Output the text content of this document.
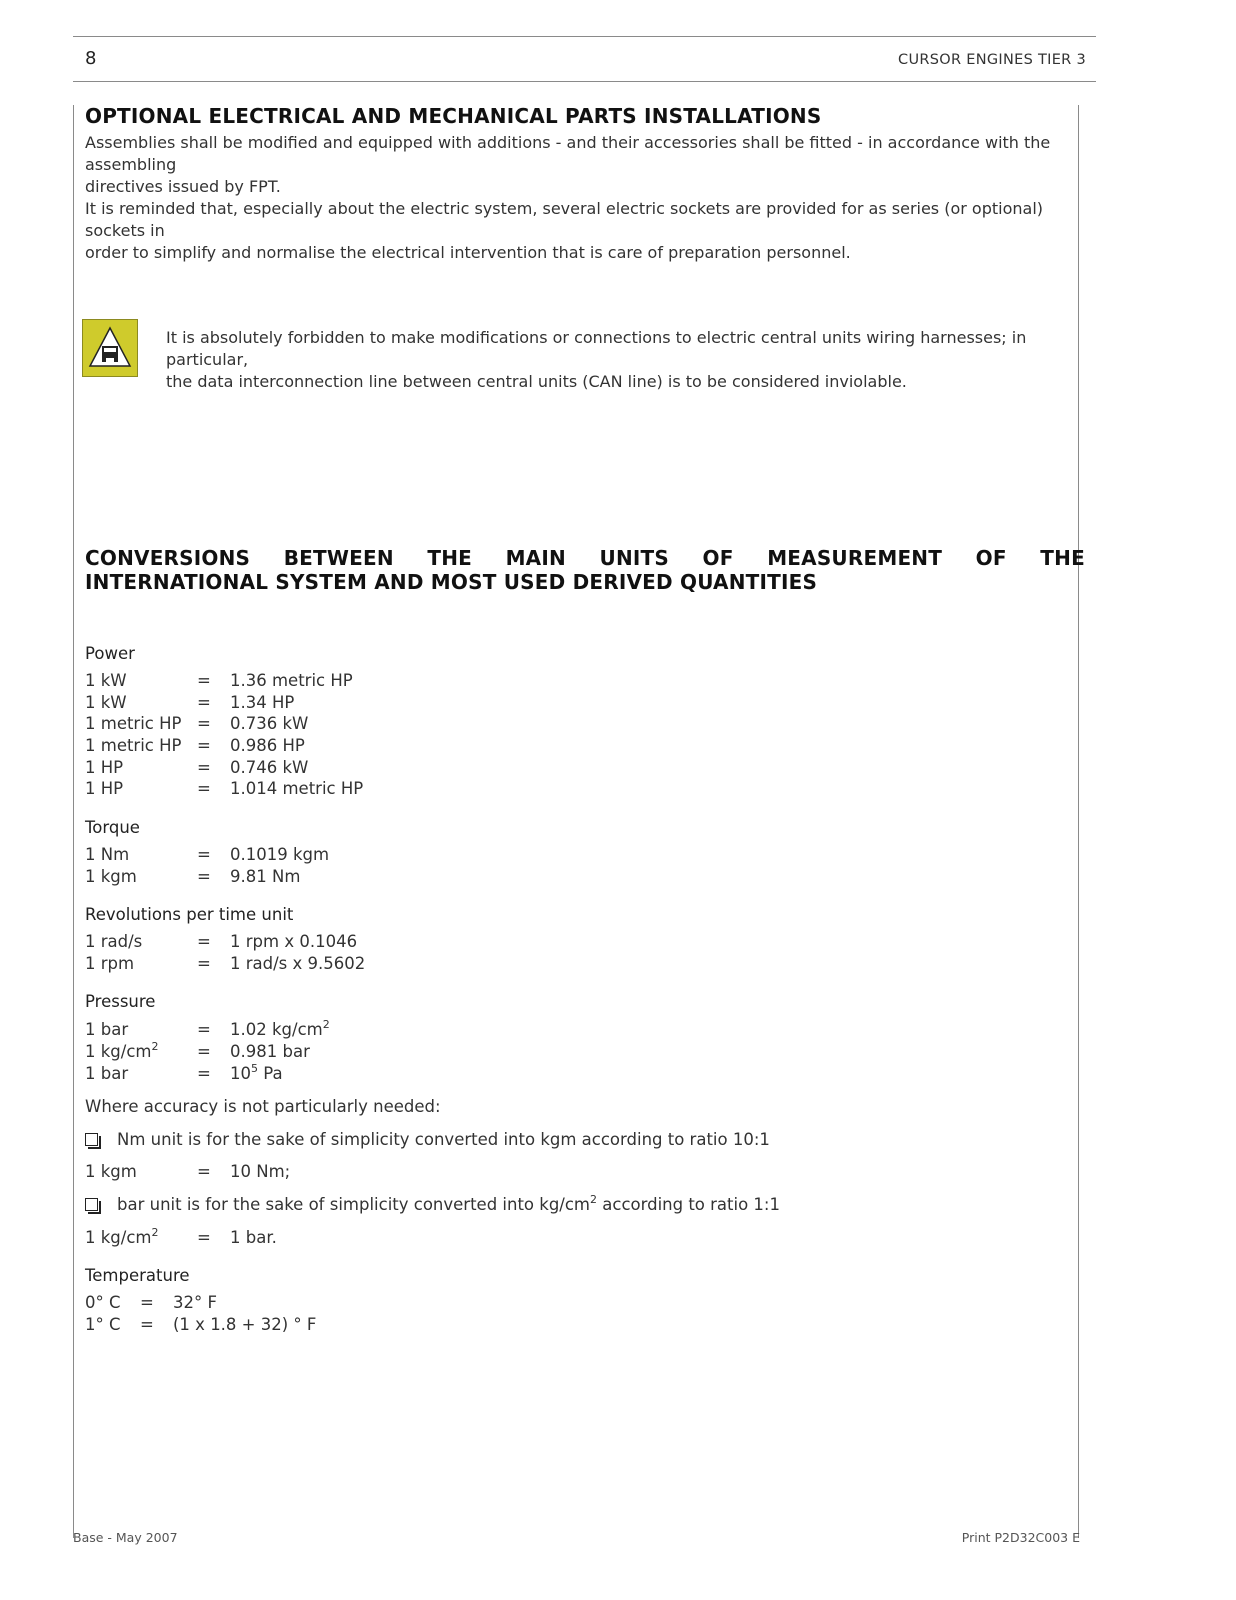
8	CURSOR ENGINES TIER 3
OPTIONAL ELECTRICAL AND MECHANICAL PARTS INSTALLATIONS

Assemblies shall be modified and equipped with additions - and their accessories shall be fitted - in accordance with the assembling

directives issued by FPT.

It is reminded that, especially about the electric system, several electric sockets are provided for as series (or optional) sockets in

order to simplify and normalise the electrical intervention that is care of preparation personnel.

It is absolutely forbidden to make modifications or connections to electric central units wiring harnesses; in particular,

the data interconnection line between central units (CAN line) is to be considered inviolable.

CONVERSIONS BETWEEN THE MAIN UNITS OF MEASUREMENT OF THE
INTERNATIONAL SYSTEM AND MOST USED DERIVED QUANTITIES
Power
1 kW	= 1.36 metric HP
1 kW	= 1.34 HP
1 metric HP = 0.736 kW
1 metric HP = 0.986 HP
1 HP	= 0.746 kW
1 HP	= 1.014 metric HP
Torque
1 Nm	= 0.1019 kgm
1 kgm	= 9.81 Nm
Revolutions per time unit
1 rad/s	= 1 rpm x 0.1046
1 rpm	= 1 rad/s x 9.5602
Pressure
1 bar	= 1.02 $kg/cm^2$
1 $kg/cm^2 = 0.981$ bar
1 bar	= $10^5$ Pa
Where accuracy is not particularly needed:
Nm unit is for the sake of simplicity converted into kgm according to ratio 10:1
1 kgm	= 10 Nm;
bar unit is for the sake of simplicity converted into $kg/cm^2$ according to ratio 1:1
1 $kg/cm^2 = 1$ bar.
Temperature
0° C = 32° F
1° C = (1 x 1.8 + 32) ° F
Base - May 2007	Print P2D32C003 E
